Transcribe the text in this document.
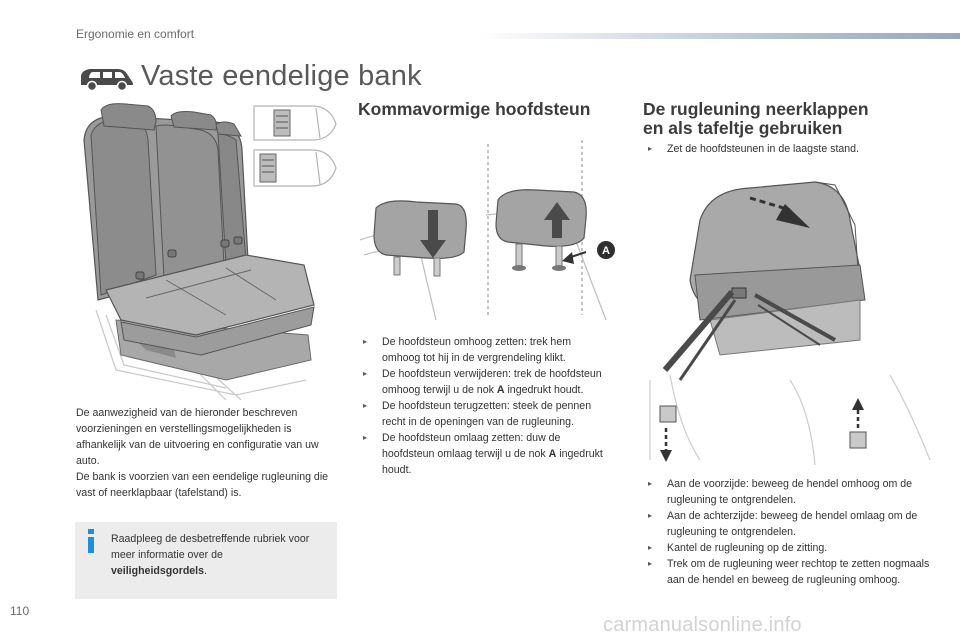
Ergonomie en comfort
Vaste eendelige bank

De aanwezigheid van de hieronder beschreven voorzieningen en verstellingsmogelijkheden is afhankelijk van de uitvoering en configuratie van uw auto.

De bank is voorzien van een eendelige rugleuning die vast of neerklapbaar (tafelstand) is.

Raadpleeg de desbetreffende rubriek voor meer informatie over de veiligheidsgordels.
Kommavormige hoofdsteun
A
▸ De hoofdsteun omhoog zetten: trek hem omhoog tot hij in de vergrendeling klikt.
▸ De hoofdsteun verwijderen: trek de hoofdsteun omhoog terwijl u de nok A ingedrukt houdt.
▸ De hoofdsteun terugzetten: steek de pennen recht in de openingen van de rugleuning.
▸ De hoofdsteun omlaag zetten: duw de hoofdsteun omlaag terwijl u de nok A ingedrukt houdt.
De rugleuning neerklappen
en als tafeltje gebruiken
▸ Zet de hoofdsteunen in de laagste stand.
▸ Aan de voorzijde: beweeg de hendel omhoog om de rugleuning te ontgrendelen.
▸ Aan de achterzijde: beweeg de hendel omlaag om de rugleuning te ontgrendelen.
▸ Kantel de rugleuning op de zitting.
▸ Trek om de rugleuning weer rechtop te zetten nogmaals aan de hendel en beweeg de rugleuning omhoog.
110
carmanualsonline.info
